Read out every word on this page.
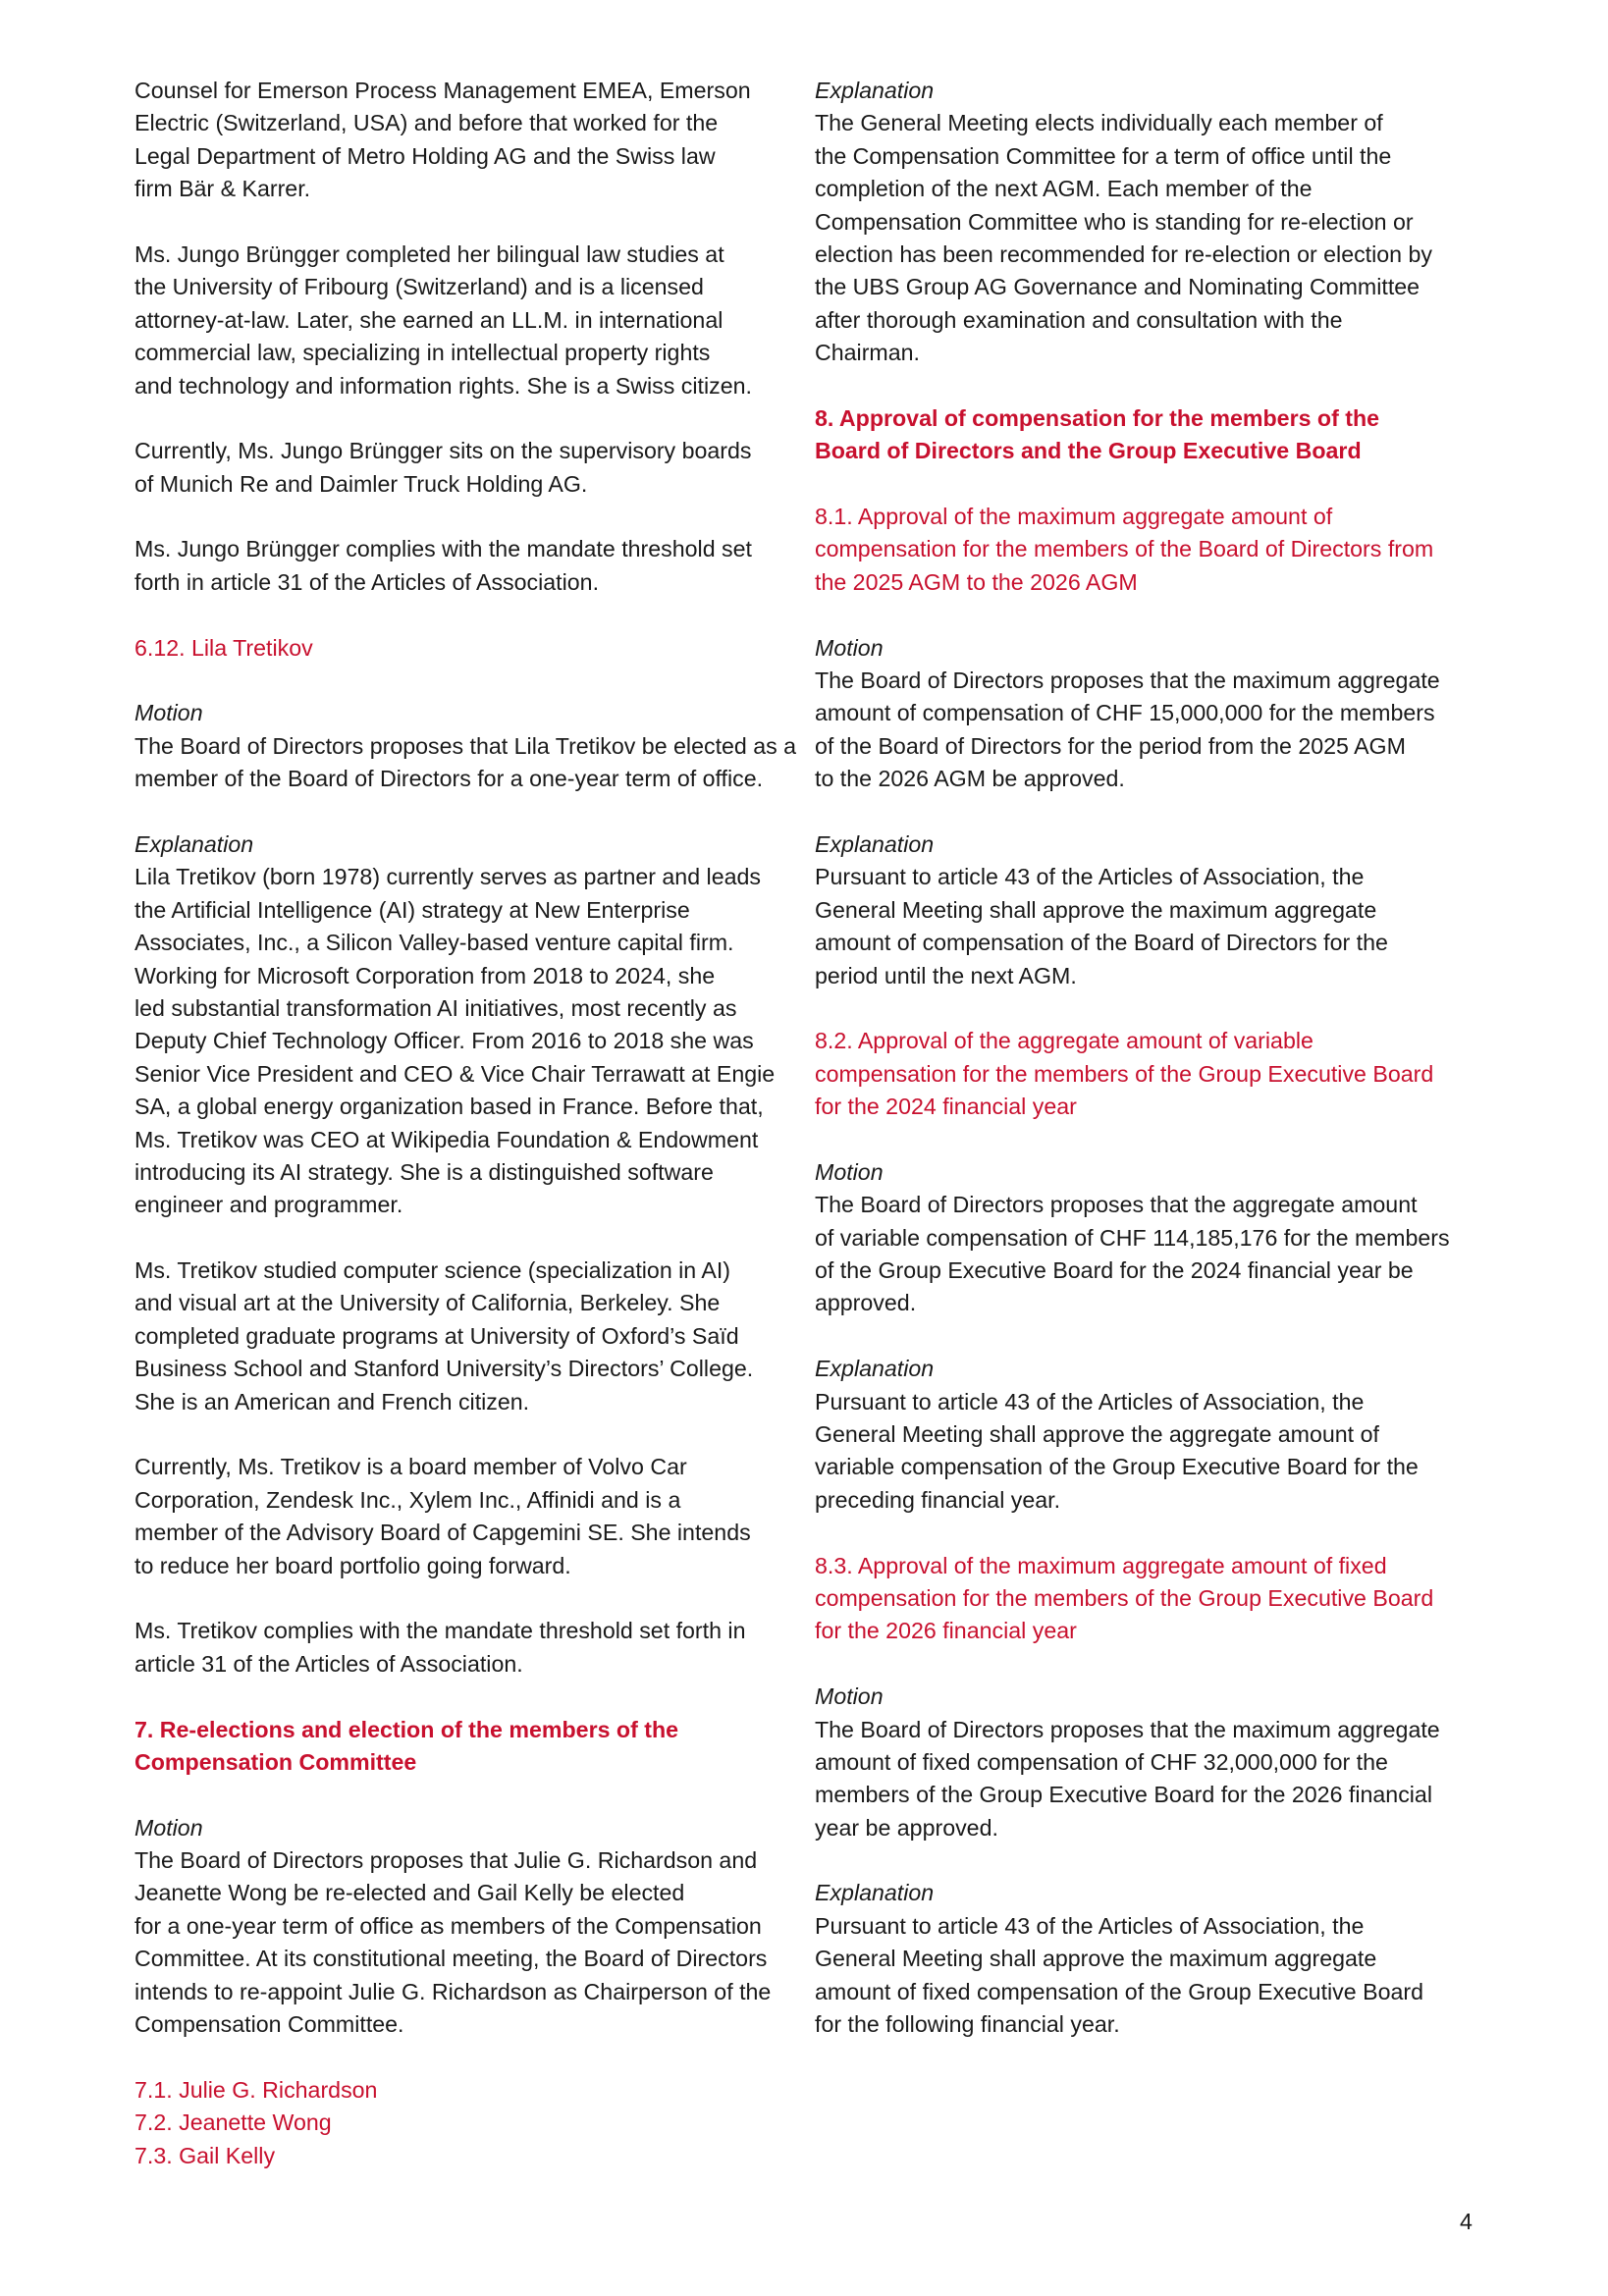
Counsel for Emerson Process Management EMEA, Emerson
Electric (Switzerland, USA) and before that worked for the
Legal Department of Metro Holding AG and the Swiss law
firm Bär & Karrer.
Ms. Jungo Brüngger completed her bilingual law studies at
the University of Fribourg (Switzerland) and is a licensed
attorney-at-law. Later, she earned an LL.M. in international
commercial law, specializing in intellectual property rights
and technology and information rights. She is a Swiss citizen.
Currently, Ms. Jungo Brüngger sits on the supervisory boards
of Munich Re and Daimler Truck Holding AG.
Ms. Jungo Brüngger complies with the mandate threshold set
forth in article 31 of the Articles of Association.
6.12. Lila Tretikov
Motion
The Board of Directors proposes that Lila Tretikov be elected as a
member of the Board of Directors for a one-year term of office.
Explanation
Lila Tretikov (born 1978) currently serves as partner and leads
the Artificial Intelligence (AI) strategy at New Enterprise
Associates, Inc., a Silicon Valley-based venture capital firm.
Working for Microsoft Corporation from 2018 to 2024, she
led substantial transformation AI initiatives, most recently as
Deputy Chief Technology Officer. From 2016 to 2018 she was
Senior Vice President and CEO & Vice Chair Terrawatt at Engie
SA, a global energy organization based in France. Before that,
Ms. Tretikov was CEO at Wikipedia Foundation & Endowment
introducing its AI strategy. She is a distinguished software
engineer and programmer.
Ms. Tretikov studied computer science (specialization in AI)
and visual art at the University of California, Berkeley. She
completed graduate programs at University of Oxford’s Saïd
Business School and Stanford University’s Directors’ College.
She is an American and French citizen.
Currently, Ms. Tretikov is a board member of Volvo Car
Corporation, Zendesk Inc., Xylem Inc., Affinidi and is a
member of the Advisory Board of Capgemini SE. She intends
to reduce her board portfolio going forward.
Ms. Tretikov complies with the mandate threshold set forth in
article 31 of the Articles of Association.
7. Re-elections and election of the members of the
Compensation Committee
Motion
The Board of Directors proposes that Julie G. Richardson and
Jeanette Wong be re-elected and Gail Kelly be elected
for a one-year term of office as members of the Compensation
Committee. At its constitutional meeting, the Board of Directors
intends to re-appoint Julie G. Richardson as Chairperson of the
Compensation Committee.
7.1. Julie G. Richardson
7.2. Jeanette Wong
7.3. Gail Kelly
Explanation
The General Meeting elects individually each member of
the Compensation Committee for a term of office until the
completion of the next AGM. Each member of the
Compensation Committee who is standing for re-election or
election has been recommended for re-election or election by
the UBS Group AG Governance and Nominating Committee
after thorough examination and consultation with the
Chairman.
8. Approval of compensation for the members of the
Board of Directors and the Group Executive Board
8.1. Approval of the maximum aggregate amount of
compensation for the members of the Board of Directors from
the 2025 AGM to the 2026 AGM
Motion
The Board of Directors proposes that the maximum aggregate
amount of compensation of CHF 15,000,000 for the members
of the Board of Directors for the period from the 2025 AGM
to the 2026 AGM be approved.
Explanation
Pursuant to article 43 of the Articles of Association, the
General Meeting shall approve the maximum aggregate
amount of compensation of the Board of Directors for the
period until the next AGM.
8.2. Approval of the aggregate amount of variable
compensation for the members of the Group Executive Board
for the 2024 financial year
Motion
The Board of Directors proposes that the aggregate amount
of variable compensation of CHF 114,185,176 for the members
of the Group Executive Board for the 2024 financial year be
approved.
Explanation
Pursuant to article 43 of the Articles of Association, the
General Meeting shall approve the aggregate amount of
variable compensation of the Group Executive Board for the
preceding financial year.
8.3. Approval of the maximum aggregate amount of fixed
compensation for the members of the Group Executive Board
for the 2026 financial year
Motion
The Board of Directors proposes that the maximum aggregate
amount of fixed compensation of CHF 32,000,000 for the
members of the Group Executive Board for the 2026 financial
year be approved.
Explanation
Pursuant to article 43 of the Articles of Association, the
General Meeting shall approve the maximum aggregate
amount of fixed compensation of the Group Executive Board
for the following financial year.
4
